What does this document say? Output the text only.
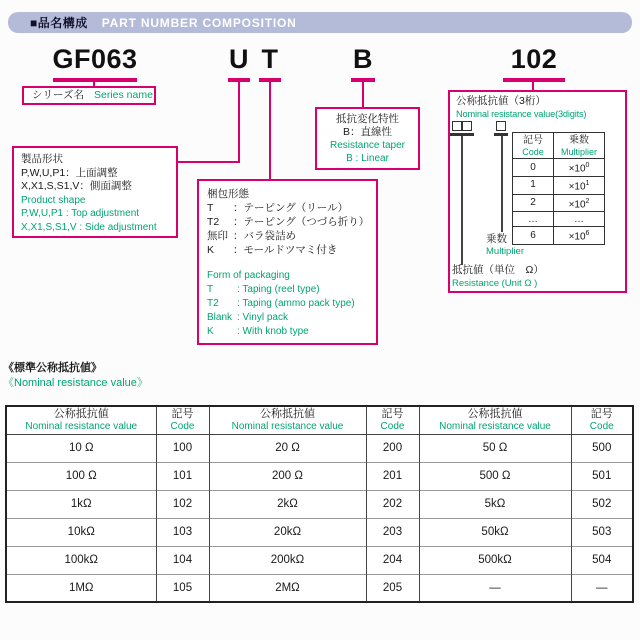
■品名構成 PART NUMBER COMPOSITION
GF063	U T	B	102
シリーズ名 Series name
製品形状
P,W,U,P1：上面調整
X,X1,S,S1,V：側面調整
Product shape
P,W,U,P1 : Top adjustment
X,X1,S,S1,V : Side adjustment
梱包形態
T	：テーピング（リール）
T2	：テーピング（つづら折り）
無印 ：バラ袋詰め
K	：モールドツマミ付き
Form of packaging
T	: Taping (reel type)
T2	: Taping (ammo pack type)
Blank : Vinyl pack
K	: With knob type
抵抗変化特性
B：直線性
Resistance taper
B : Linear
公称抵抗値（3桁）
Nominal resistance value(3digits)
記号
Code

乗数
Multiplier

0	$\times 10^0$
1	$\times 10^1$
2	$\times 10^2$
…	…
6	$\times 10^6$
乗数
Multiplier
抵抗値（単位　Ω）
Resistance (Unit Ω )
《標準公称抵抗値》
《Nominal resistance value》
公称抵抗値
Nominal resistance value

記号
Code

公称抵抗値
Nominal resistance value

記号
Code

公称抵抗値
Nominal resistance value

記号
Code

10 Ω	100	20 Ω	200	50 Ω	500
100 Ω	101	200 Ω	201	500 Ω	501
1kΩ	102	2kΩ	202	5kΩ	502
10kΩ	103	20kΩ	203	50kΩ	503
100kΩ	104	200kΩ	204	500kΩ	504
1MΩ	105	2MΩ	205	—	—
